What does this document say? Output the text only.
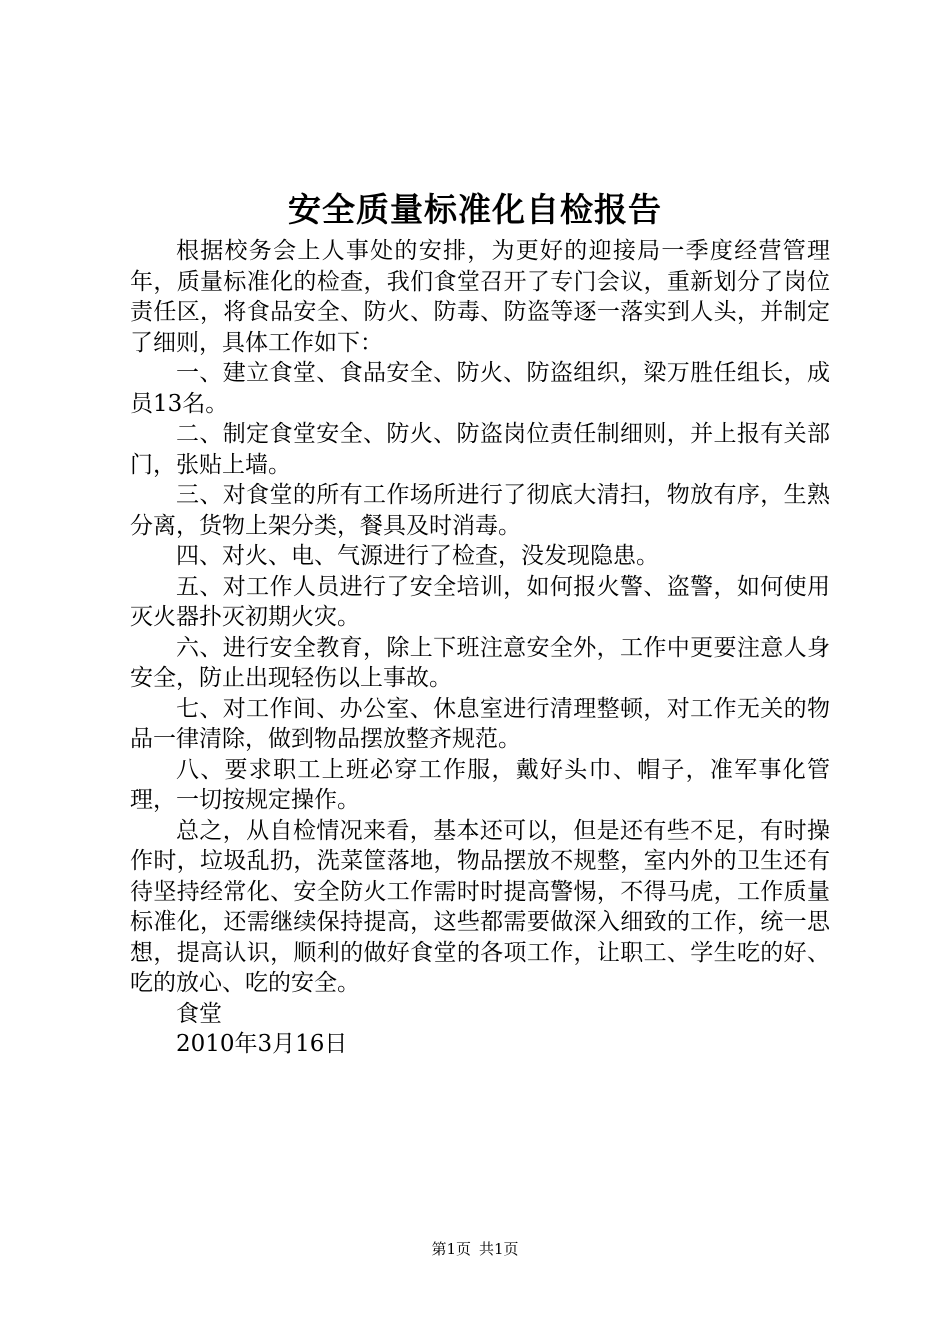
安全质量标准化自检报告

根据校务会上人事处的安排，为更好的迎接局一季度经营管理年，质量标准化的检查，我们食堂召开了专门会议，重新划分了岗位责任区，将食品安全、防火、防毒、防盗等逐一落实到人头，并制定了细则，具体工作如下：

一、建立食堂、食品安全、防火、防盗组织，梁万胜任组长，成员13名。

二、制定食堂安全、防火、防盗岗位责任制细则，并上报有关部门，张贴上墙。

三、对食堂的所有工作场所进行了彻底大清扫，物放有序，生熟分离，货物上架分类，餐具及时消毒。

四、对火、电、气源进行了检查，没发现隐患。

五、对工作人员进行了安全培训，如何报火警、盗警，如何使用灭火器扑灭初期火灾。

六、进行安全教育，除上下班注意安全外，工作中更要注意人身安全，防止出现轻伤以上事故。

七、对工作间、办公室、休息室进行清理整顿，对工作无关的物品一律清除，做到物品摆放整齐规范。

八、要求职工上班必穿工作服，戴好头巾、帽子，准军事化管理，一切按规定操作。

总之，从自检情况来看，基本还可以，但是还有些不足，有时操作时，垃圾乱扔，洗菜筐落地，物品摆放不规整，室内外的卫生还有待坚持经常化、安全防火工作需时时提高警惕，不得马虎，工作质量标准化，还需继续保持提高，这些都需要做深入细致的工作，统一思想，提高认识，顺利的做好食堂的各项工作，让职工、学生吃的好、吃的放心、吃的安全。

食堂

2010年3月16日

第1页 共1页
